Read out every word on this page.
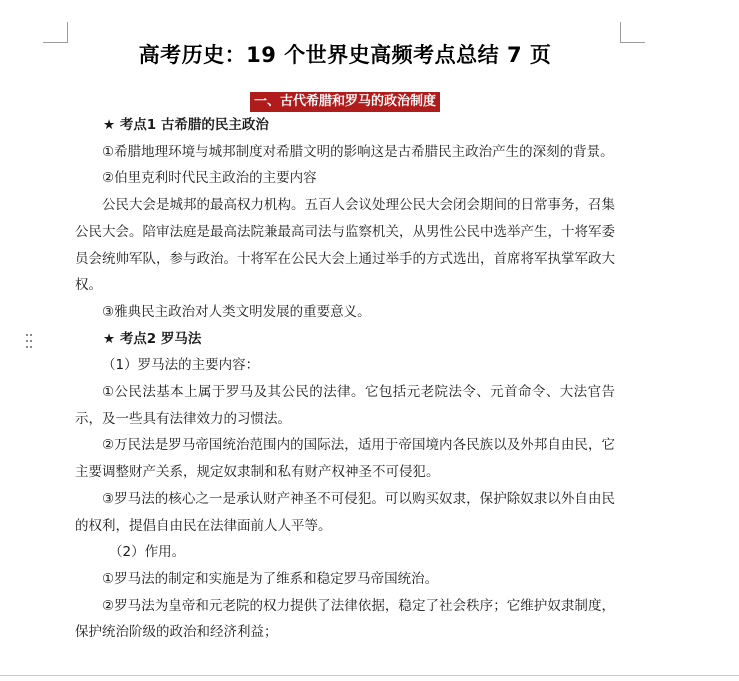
高考历史：19 个世界史高频考点总结 7 页
一、古代希腊和罗马的政治制度

★ 考点1 古希腊的民主政治

①希腊地理环境与城邦制度对希腊文明的影响这是古希腊民主政治产生的深刻的背景。

②伯里克利时代民主政治的主要内容

公民大会是城邦的最高权力机构。五百人会议处理公民大会闭会期间的日常事务，召集公民大会。陪审法庭是最高法院兼最高司法与监察机关，从男性公民中选举产生，十将军委员会统帅军队，参与政治。十将军在公民大会上通过举手的方式选出，首席将军执掌军政大权。

③雅典民主政治对人类文明发展的重要意义。

★ 考点2 罗马法

（1）罗马法的主要内容：

①公民法基本上属于罗马及其公民的法律。它包括元老院法令、元首命令、大法官告示，及一些具有法律效力的习惯法。

②万民法是罗马帝国统治范围内的国际法，适用于帝国境内各民族以及外邦自由民，它主要调整财产关系，规定奴隶制和私有财产权神圣不可侵犯。

③罗马法的核心之一是承认财产神圣不可侵犯。可以购买奴隶，保护除奴隶以外自由民的权利，提倡自由民在法律面前人人平等。

（2）作用。

①罗马法的制定和实施是为了维系和稳定罗马帝国统治。

②罗马法为皇帝和元老院的权力提供了法律依据，稳定了社会秩序；它维护奴隶制度，保护统治阶级的政治和经济利益；
